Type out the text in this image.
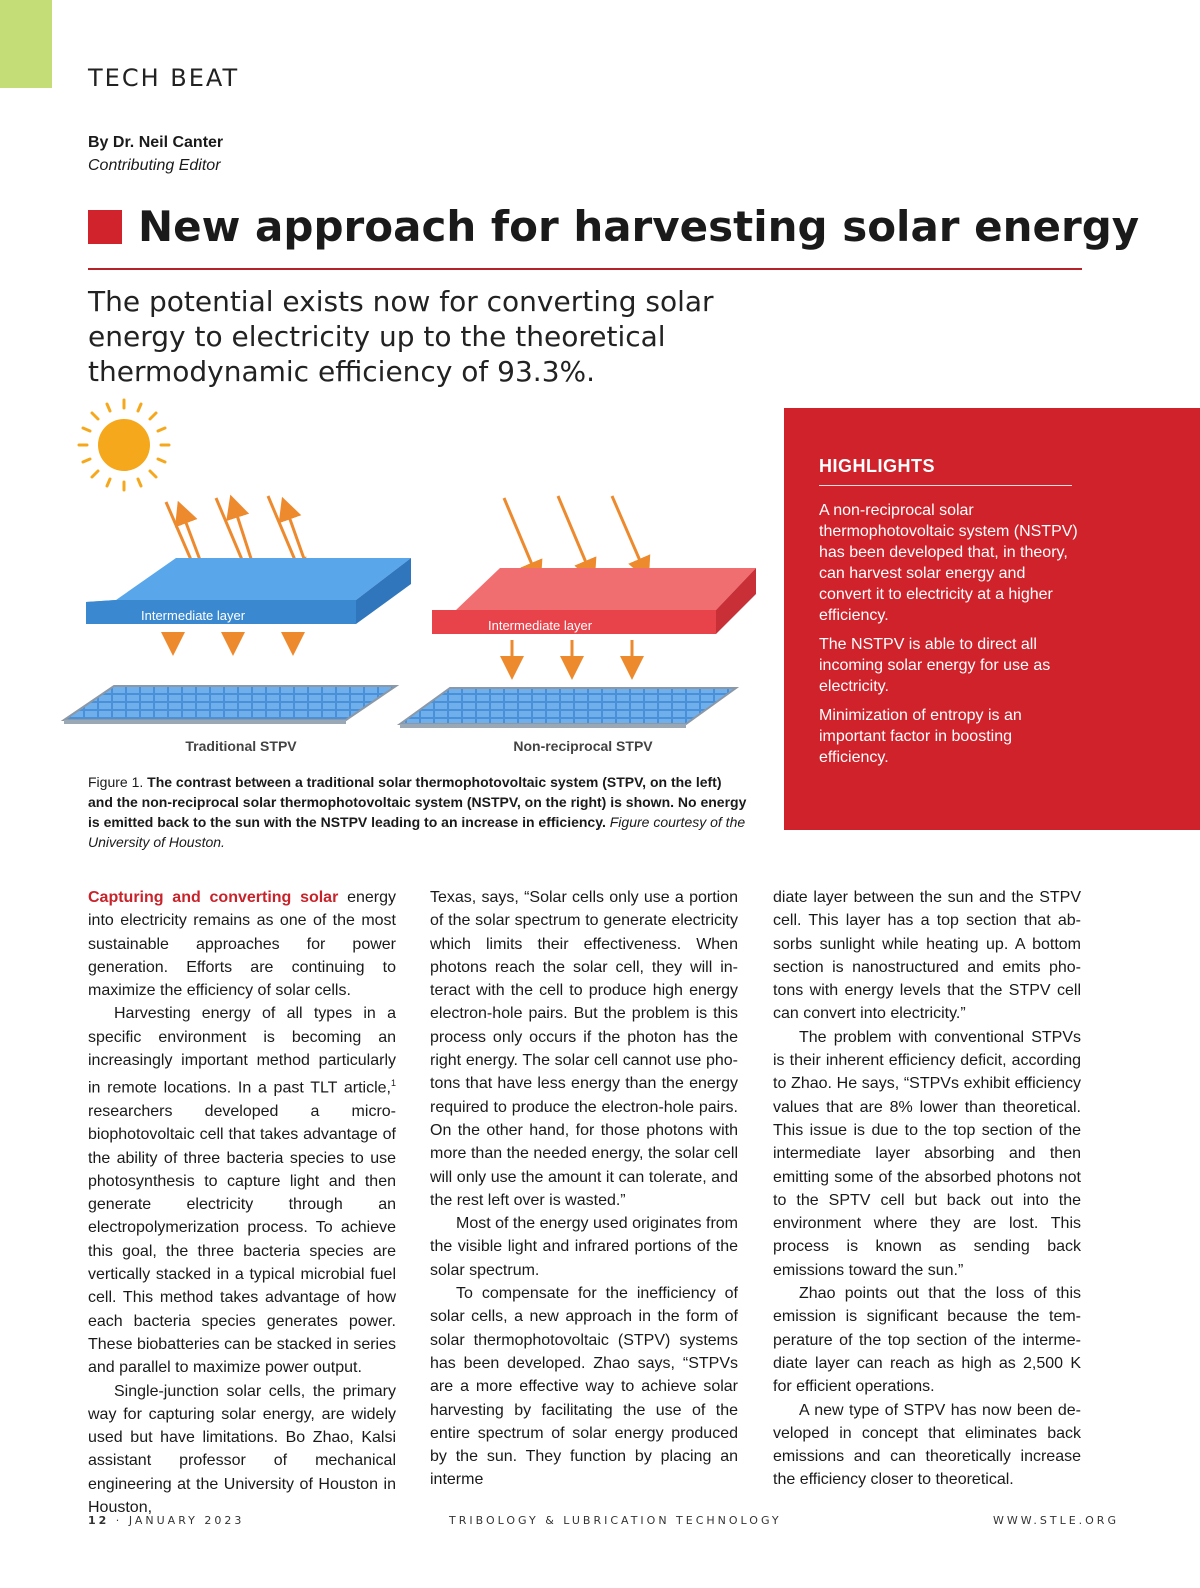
TECH BEAT
By Dr. Neil Canter
Contributing Editor
New approach for harvesting solar energy
The potential exists now for converting solar energy to electricity up to the theoretical thermodynamic efficiency of 93.3%.
Intermediate layer
Traditional STPV
Intermediate layer
Non-reciprocal STPV
Figure 1. The contrast between a traditional solar thermophotovoltaic system (STPV, on the left) and the non-reciprocal solar thermophotovoltaic system (NSTPV, on the right) is shown. No energy is emitted back to the sun with the NSTPV leading to an increase in efficiency. Figure courtesy of the University of Houston.
HIGHLIGHTS

A non-reciprocal solar thermophotovoltaic system (NSTPV) has been developed that, in theory, can harvest solar energy and convert it to electricity at a higher efficiency.

The NSTPV is able to direct all incoming solar energy for use as electricity.

Minimization of entropy is an important factor in boosting efficiency.

Capturing and converting solar energy into electricity remains as one of the most sustainable approaches for power generation. Efforts are continuing to maximize the efficiency of solar cells.

Harvesting energy of all types in a specific environment is becoming an increasingly important method particularly in remote locations. In a past TLT article,$^1$ researchers developed a micro-biophotovoltaic cell that takes advantage of the ability of three bacteria species to use photosynthesis to capture light and then generate electricity through an electropolymerization process. To achieve this goal, the three bacteria species are vertically stacked in a typical microbial fuel cell. This method takes advantage of how each bacteria species generates power. These biobatteries can be stacked in series and parallel to maximize power output.

Single-junction solar cells, the primary way for capturing solar energy, are widely used but have limitations. Bo Zhao, Kalsi assistant professor of mechanical engineering at the University of Houston in Houston,

Texas, says, “Solar cells only use a portion of the solar spectrum to generate electricity which limits their effectiveness. When photons reach the solar cell, they will interact with the cell to produce high energy electron-hole pairs. But the problem is this process only occurs if the photon has the right energy. The solar cell cannot use photons that have less energy than the energy required to produce the electron-hole pairs. On the other hand, for those photons with more than the needed energy, the solar cell will only use the amount it can tolerate, and the rest left over is wasted.”

Most of the energy used originates from the visible light and infrared portions of the solar spectrum.

To compensate for the inefficiency of solar cells, a new approach in the form of solar thermophotovoltaic (STPV) systems has been developed. Zhao says, “STPVs are a more effective way to achieve solar harvesting by facilitating the use of the entire spectrum of solar energy produced by the sun. They function by placing an interme

diate layer between the sun and the STPV cell. This layer has a top section that absorbs sunlight while heating up. A bottom section is nanostructured and emits photons with energy levels that the STPV cell can convert into electricity.”

The problem with conventional STPVs is their inherent efficiency deficit, according to Zhao. He says, “STPVs exhibit efficiency values that are 8% lower than theoretical. This issue is due to the top section of the intermediate layer absorbing and then emitting some of the absorbed photons not to the SPTV cell but back out into the environment where they are lost. This process is known as sending back emissions toward the sun.”

Zhao points out that the loss of this emission is significant because the temperature of the top section of the intermediate layer can reach as high as 2,500 K for efficient operations.

A new type of STPV has now been developed in concept that eliminates back emissions and can theoretically increase the efficiency closer to theoretical.

12 · JANUARY 2023	TRIBOLOGY & LUBRICATION TECHNOLOGY	WWW.STLE.ORG
